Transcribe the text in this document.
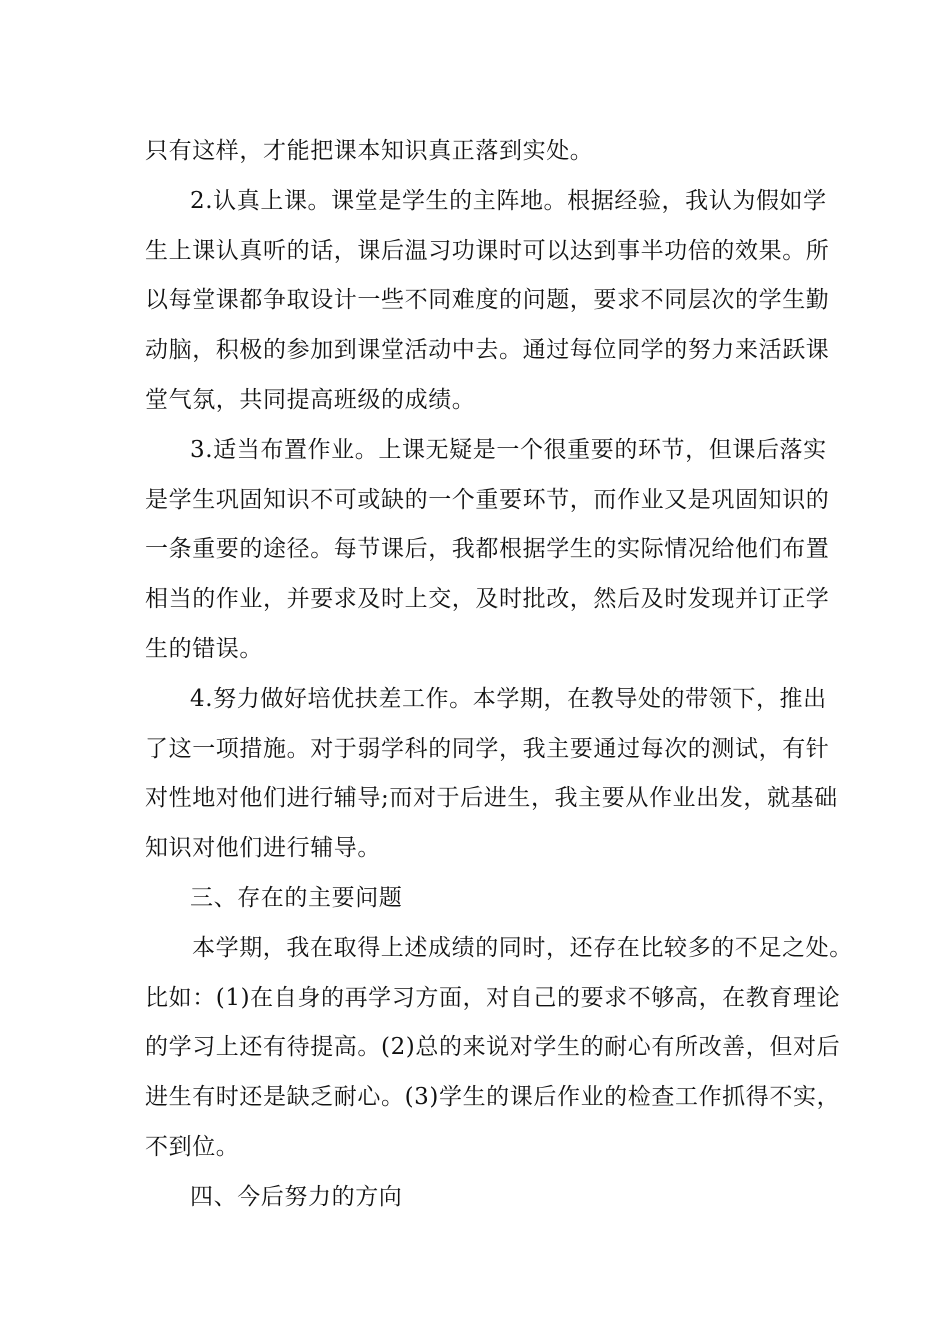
只有这样，才能把课本知识真正落到实处。
2.认真上课。课堂是学生的主阵地。根据经验，我认为假如学
生上课认真听的话，课后温习功课时可以达到事半功倍的效果。所
以每堂课都争取设计一些不同难度的问题，要求不同层次的学生勤
动脑，积极的参加到课堂活动中去。通过每位同学的努力来活跃课
堂气氛，共同提高班级的成绩。
3.适当布置作业。上课无疑是一个很重要的环节，但课后落实
是学生巩固知识不可或缺的一个重要环节，而作业又是巩固知识的
一条重要的途径。每节课后，我都根据学生的实际情况给他们布置
相当的作业，并要求及时上交，及时批改，然后及时发现并订正学
生的错误。
4.努力做好培优扶差工作。本学期，在教导处的带领下，推出
了这一项措施。对于弱学科的同学，我主要通过每次的测试，有针
对性地对他们进行辅导;而对于后进生，我主要从作业出发，就基础
知识对他们进行辅导。
三、存在的主要问题
本学期，我在取得上述成绩的同时，还存在比较多的不足之处。
比如：(1)在自身的再学习方面，对自己的要求不够高，在教育理论
的学习上还有待提高。(2)总的来说对学生的耐心有所改善，但对后
进生有时还是缺乏耐心。(3)学生的课后作业的检查工作抓得不实，
不到位。
四、今后努力的方向
